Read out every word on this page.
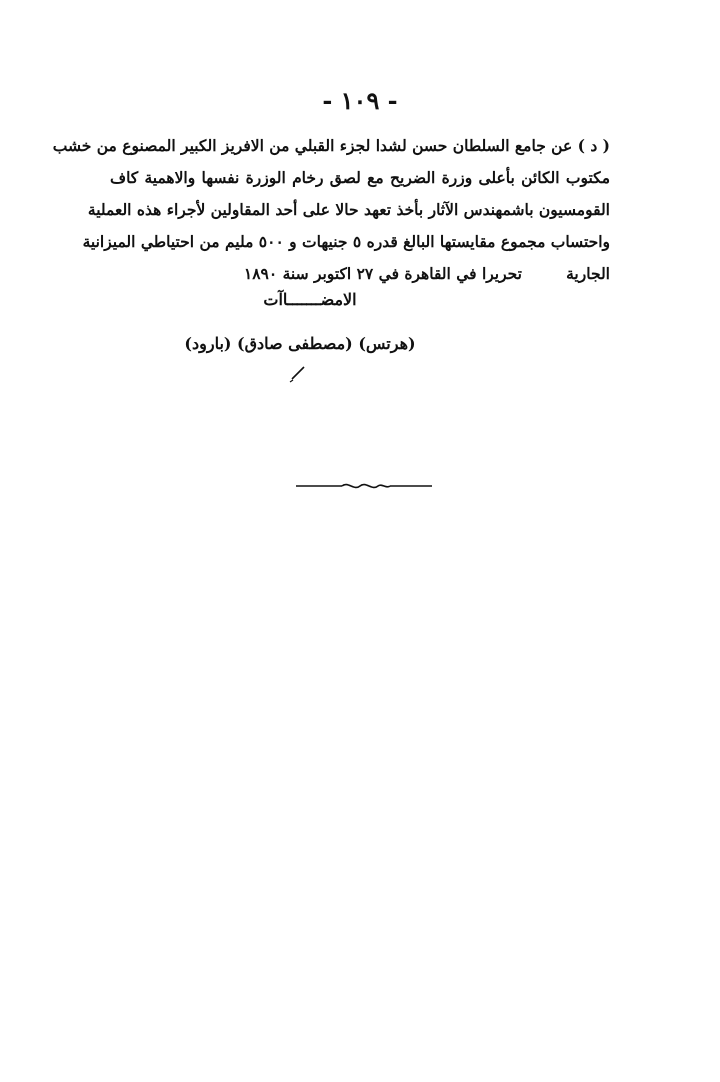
- ١٠٩ -
( د ) عن جامع السلطان حسن لشدا لجزء القبلي من الافريز الكبير المصنوع من خشب
مكتوب الكائن بأعلى وزرة الضريح مع لصق رخام الوزرة نفسها والاهمية كاف
القومسيون باشمهندس الآثار بأخذ تعهد حالا على أحد المقاولين لأجراء هذه العملية
واحتساب مجموع مقايستها البالغ قدره ٥ جنيهات و ٥٠٠ مليم من احتياطي الميزانية
الجارية
تحريرا في القاهرة في ٢٧ اكتوبر سنة ١٨٩٠
الامضـــــــاآت
(هرتس) (مصطفى صادق) (بارود)
